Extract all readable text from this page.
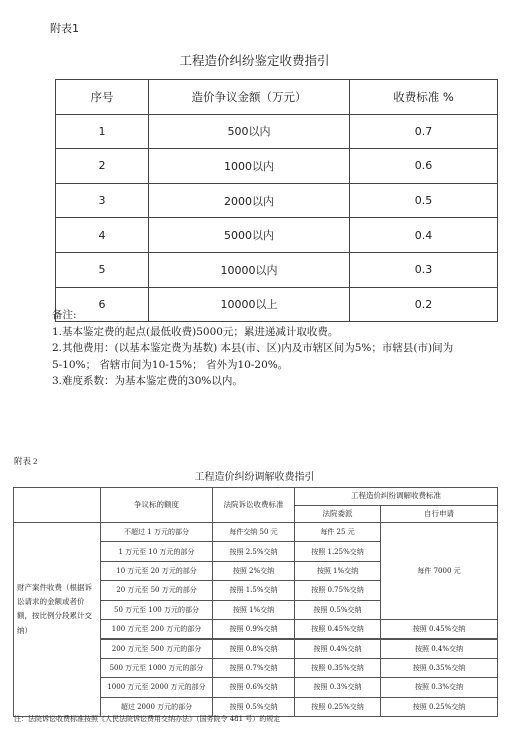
附表1
工程造价纠纷鉴定收费指引
序号	造价争议金额（万元）	收费标准 %
1	500以内	0.7
2	1000以内	0.6
3	2000以内	0.5
4	5000以内	0.4
5	10000以内	0.3
6	10000以上	0.2
备注:
1.基本鉴定费的起点(最低收费)5000元；累进递减计取收费。
2.其他费用：(以基本鉴定费为基数) 本县(市、区)内及市辖区间为5%；市辖县(市)间为
5-10%； 省辖市间为10-15%； 省外为10-20%。
3.难度系数：为基本鉴定费的30%以内。
附表 2
工程造价纠纷调解收费指引
	争议标的额度	法院诉讼收费标准	工程造价纠纷调解收费标准	
			法院委派	自行申请

财产案件收费（根据诉讼请求的金额或者价额，按比例分段累计交纳）	不超过 1 万元的部分	每件交纳 50 元	每件 25 元	每件 7000 元
	1 万元至 10 万元的部分	按照 2.5%交纳	按照 1.25%交纳	
	10 万元至 20 万元的部分	按照 2%交纳	按照 1%交纳	
	20 万元至 50 万元的部分	按照 1.5%交纳	按照 0.75%交纳	
	50 万元至 100 万元的部分	按照 1%交纳	按照 0.5%交纳	
	100 万元至 200 万元的部分	按照 0.9%交纳	按照 0.45%交纳	按照 0.45%交纳
	200 万元至 500 万元的部分	按照 0.8%交纳	按照 0.4%交纳	按照 0.4%交纳
	500 万元至 1000 万元的部分	按照 0.7%交纳	按照 0.35%交纳	按照 0.35%交纳
	1000 万元至 2000 万元的部分	按照 0.6%交纳	按照 0.3%交纳	按照 0.3%交纳
	超过 2000 万元的部分	按照 0.5%交纳	按照 0.25%交纳	按照 0.25%交纳
注：法院诉讼收费标准按照《人民法院诉讼费用交纳办法》（国务院令 481 号）的规定
